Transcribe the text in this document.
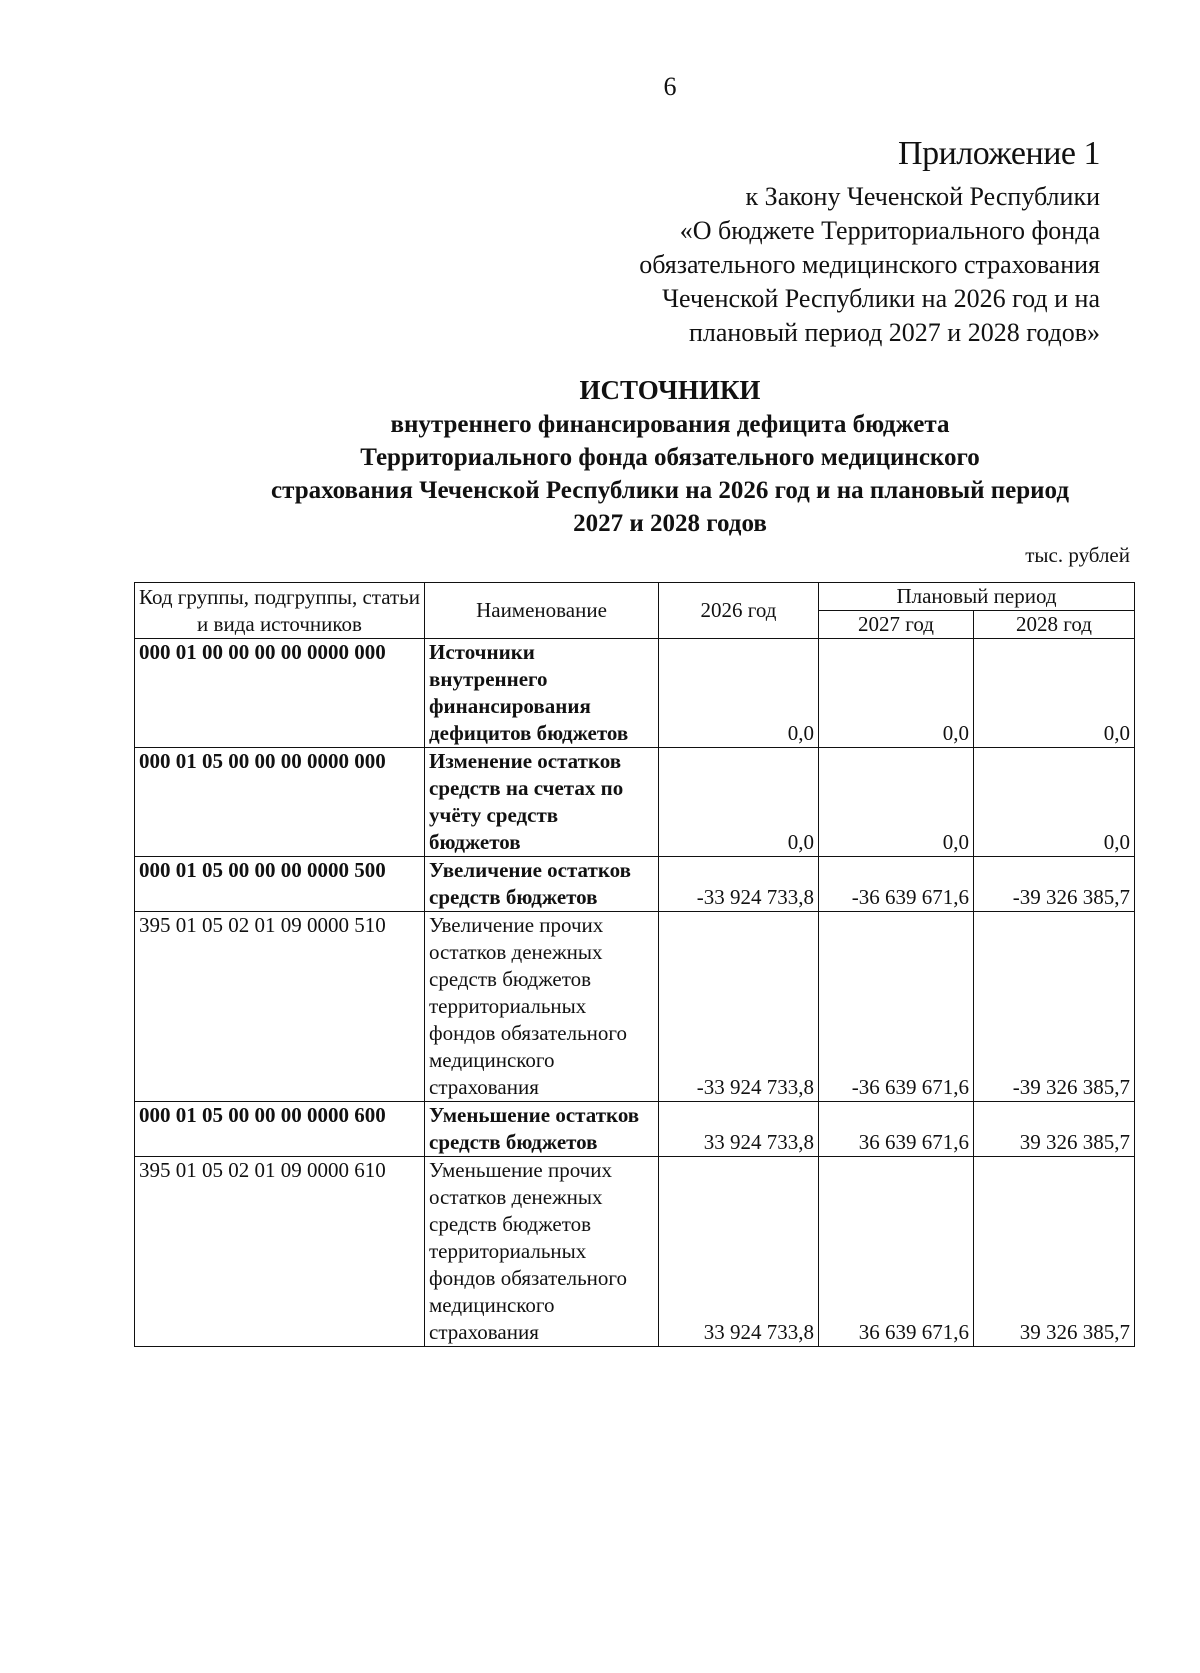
6
Приложение 1
к Закону Чеченской Республики
«О бюджете Территориального фонда
обязательного медицинского страхования
Чеченской Республики на 2026 год и на
плановый период 2027 и 2028 годов»
ИСТОЧНИКИ
внутреннего финансирования дефицита бюджета
Территориального фонда обязательного медицинского
страхования Чеченской Республики на 2026 год и на плановый период
2027 и 2028 годов
тыс. рублей
Код группы, подгруппы, статьи и вида источников	Наименование	2026 год	Плановый период	
			2027 год	2028 год
000 01 00 00 00 00 0000 000	Источники внутреннего финансирования дефицитов бюджетов	0,0	0,0	0,0
000 01 05 00 00 00 0000 000	Изменение остатков средств на счетах по учёту средств бюджетов	0,0	0,0	0,0
000 01 05 00 00 00 0000 500	Увеличение остатков средств бюджетов	-33 924 733,8	-36 639 671,6	-39 326 385,7
395 01 05 02 01 09 0000 510	Увеличение прочих остатков денежных средств бюджетов территориальных фондов обязательного медицинского страхования	-33 924 733,8	-36 639 671,6	-39 326 385,7
000 01 05 00 00 00 0000 600	Уменьшение остатков средств бюджетов	33 924 733,8	36 639 671,6	39 326 385,7
395 01 05 02 01 09 0000 610	Уменьшение прочих остатков денежных средств бюджетов территориальных фондов обязательного медицинского страхования	33 924 733,8	36 639 671,6	39 326 385,7
